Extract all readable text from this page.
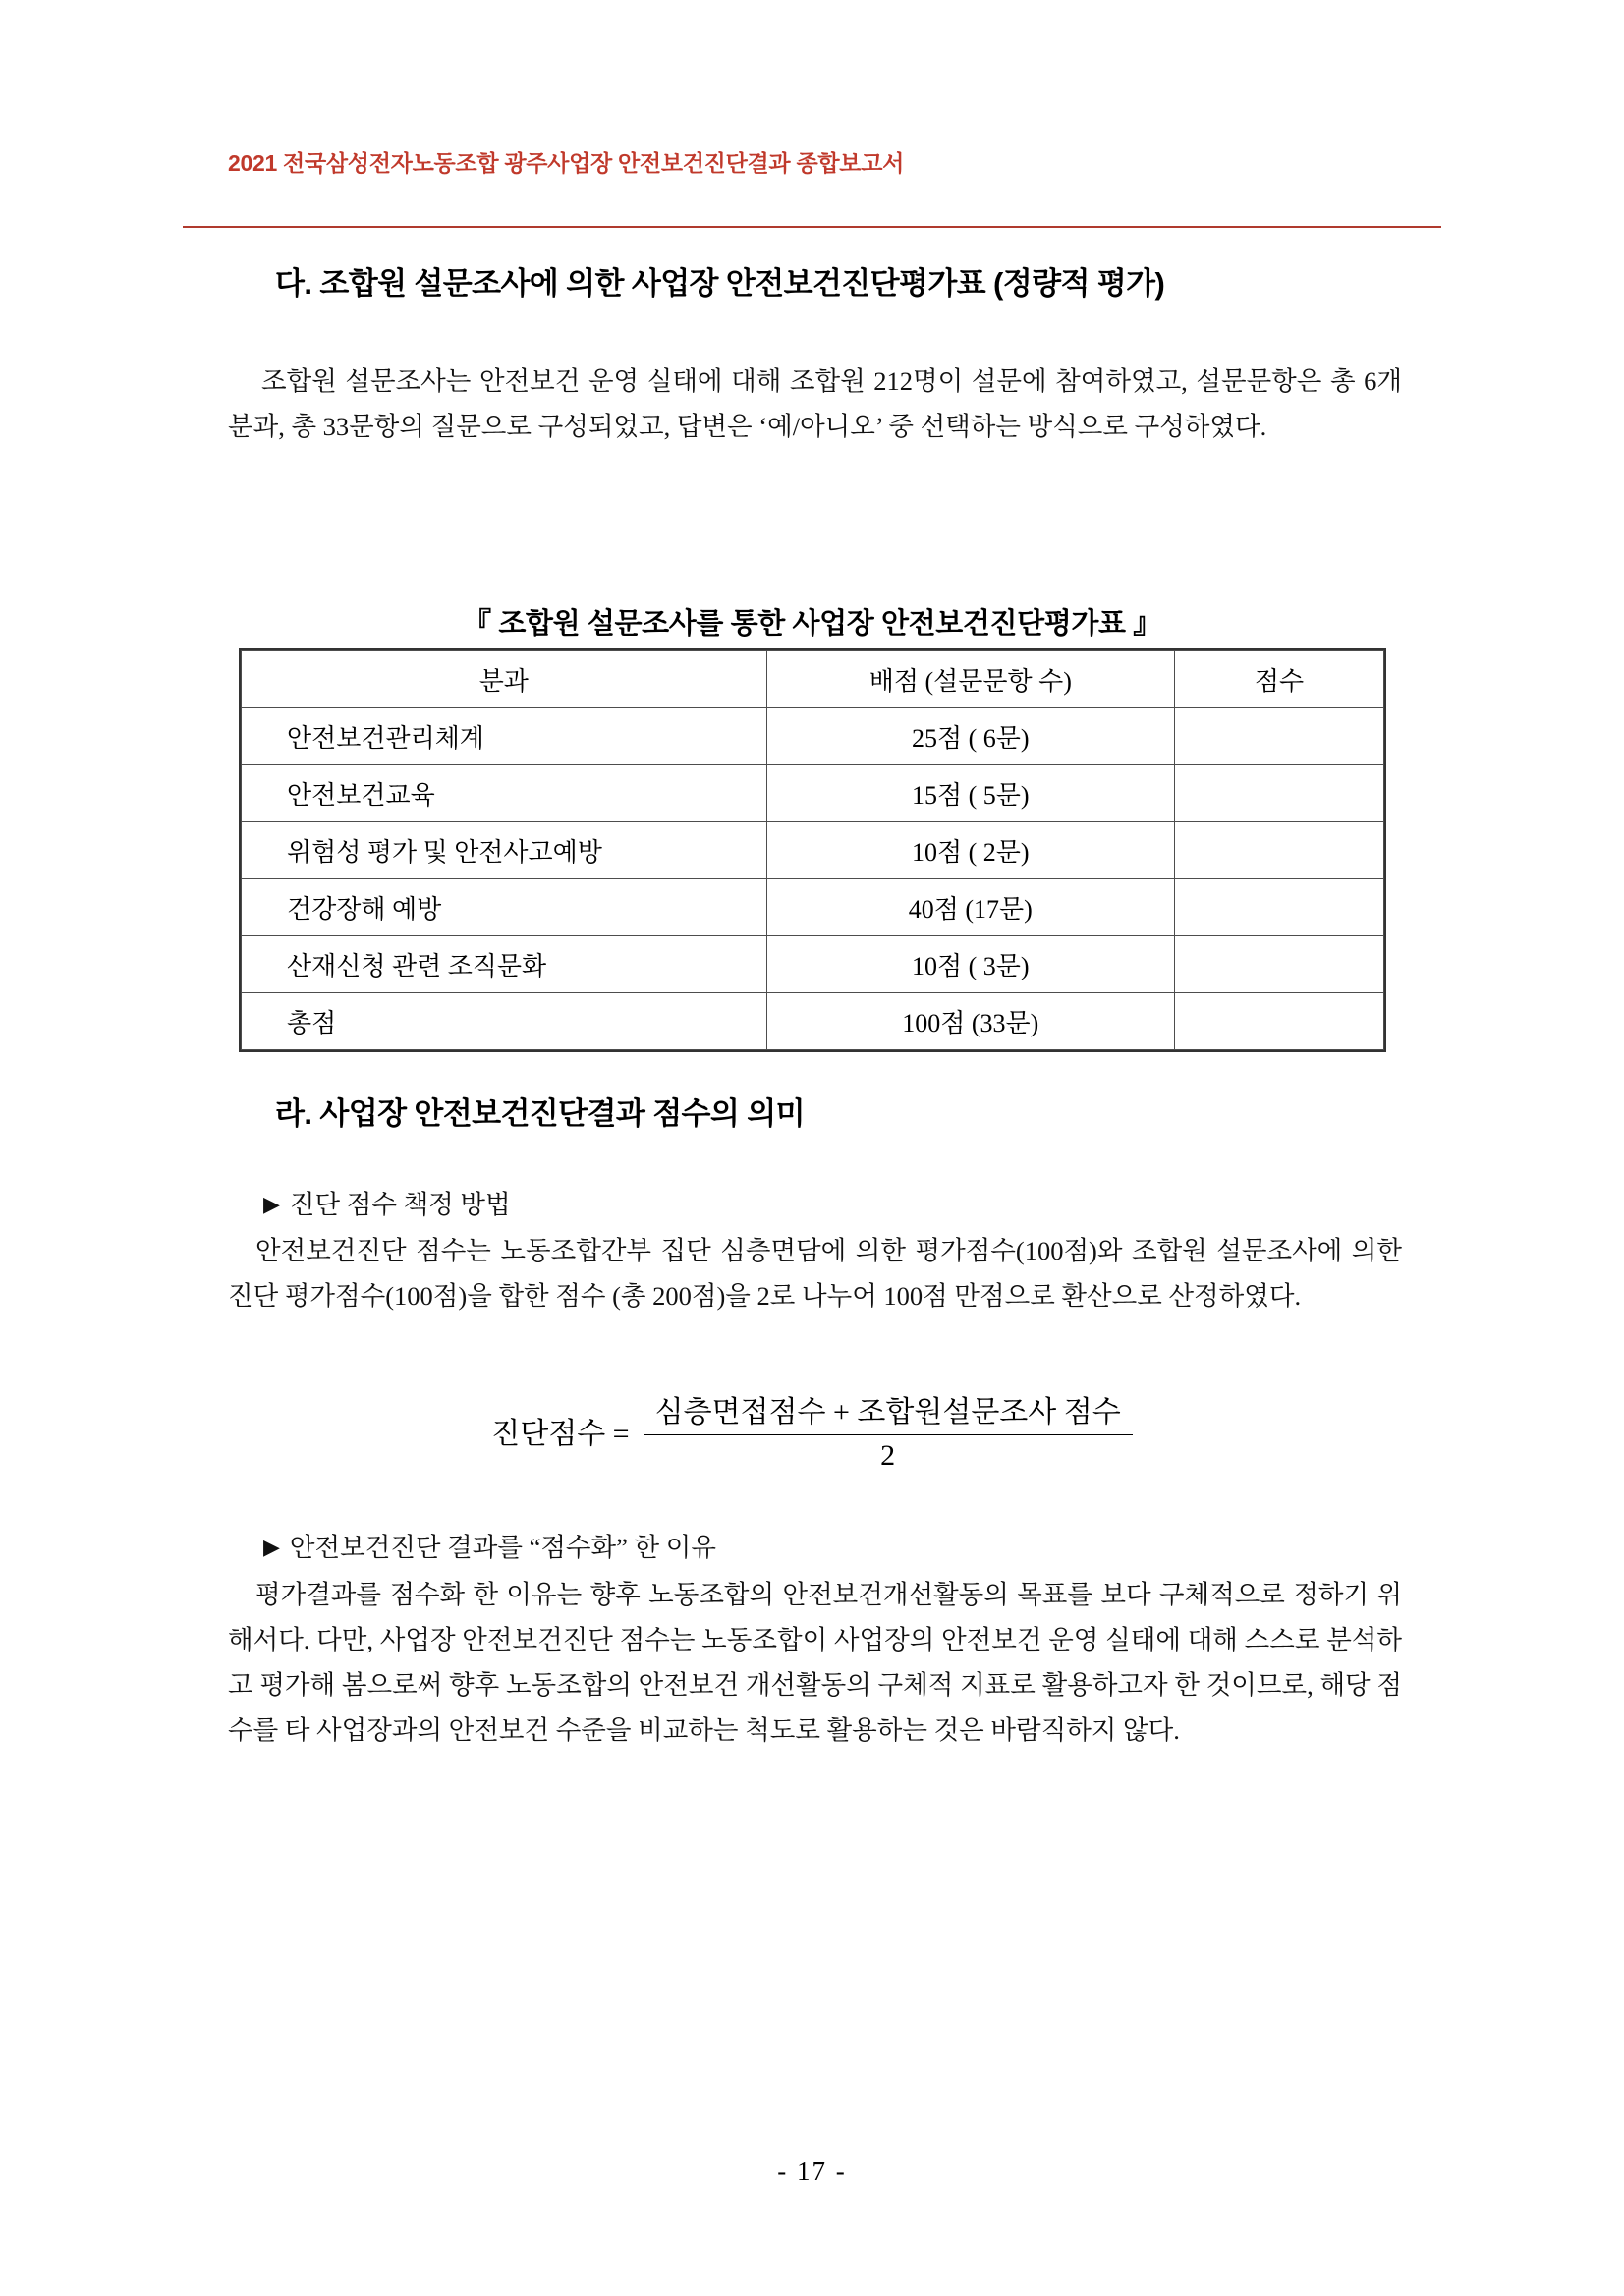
2021 전국삼성전자노동조합 광주사업장 안전보건진단결과 종합보고서
다. 조합원 설문조사에 의한 사업장 안전보건진단평가표 (정량적 평가)
조합원 설문조사는 안전보건 운영 실태에 대해 조합원 212명이 설문에 참여하였고, 설문문항은 총 6개 분과, 총 33문항의 질문으로 구성되었고, 답변은 ‘예/아니오’ 중 선택하는 방식으로 구성하였다.
『 조합원 설문조사를 통한 사업장 안전보건진단평가표 』
분과	배점 (설문문항 수)	점수
안전보건관리체계	25점 ( 6문)	
안전보건교육	15점 ( 5문)	
위험성 평가 및 안전사고예방	10점 ( 2문)	
건강장해 예방	40점 (17문)	
산재신청 관련 조직문화	10점 ( 3문)	
총점	100점 (33문)	
라. 사업장 안전보건진단결과 점수의 의미
▶ 진단 점수 책정 방법
안전보건진단 점수는 노동조합간부 집단 심층면담에 의한 평가점수(100점)와 조합원 설문조사에 의한 진단 평가점수(100점)을 합한 점수 (총 200점)을 2로 나누어 100점 만점으로 환산으로 산정하였다.
진단점수 = $\frac{\text{심층면접점수 + 조합원설문조사 점수}}{2}$
▶ 안전보건진단 결과를 “점수화” 한 이유
평가결과를 점수화 한 이유는 향후 노동조합의 안전보건개선활동의 목표를 보다 구체적으로 정하기 위해서다. 다만, 사업장 안전보건진단 점수는 노동조합이 사업장의 안전보건 운영 실태에 대해 스스로 분석하고 평가해 봄으로써 향후 노동조합의 안전보건 개선활동의 구체적 지표로 활용하고자 한 것이므로, 해당 점수를 타 사업장과의 안전보건 수준을 비교하는 척도로 활용하는 것은 바람직하지 않다.
- 17 -
